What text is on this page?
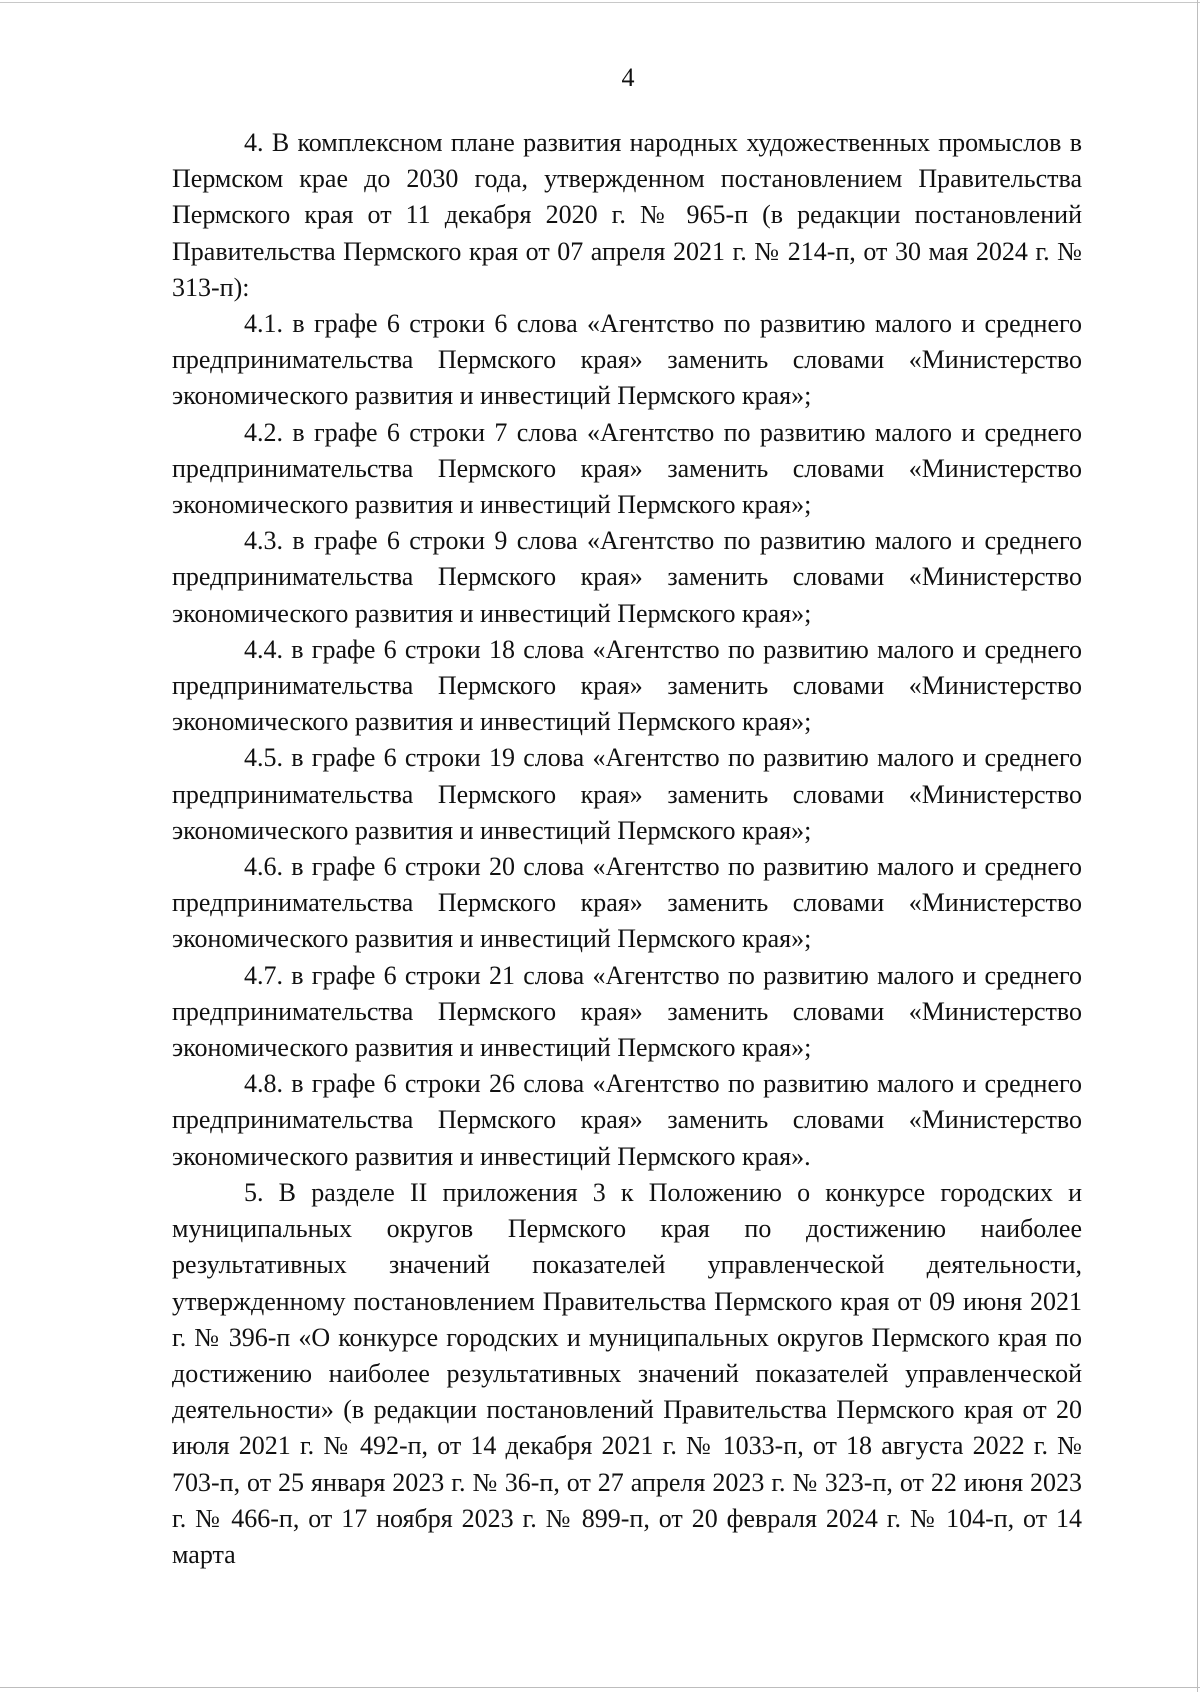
4

4. В комплексном плане развития народных художественных промыслов в Пермском крае до 2030 года, утвержденном постановлением Правительства Пермского края от 11 декабря 2020 г. № 965-п (в редакции постановлений Правительства Пермского края от 07 апреля 2021 г. № 214-п, от 30 мая 2024 г. № 313-п):

4.1. в графе 6 строки 6 слова «Агентство по развитию малого и среднего предпринимательства Пермского края» заменить словами «Министерство экономического развития и инвестиций Пермского края»;

4.2. в графе 6 строки 7 слова «Агентство по развитию малого и среднего предпринимательства Пермского края» заменить словами «Министерство экономического развития и инвестиций Пермского края»;

4.3. в графе 6 строки 9 слова «Агентство по развитию малого и среднего предпринимательства Пермского края» заменить словами «Министерство экономического развития и инвестиций Пермского края»;

4.4. в графе 6 строки 18 слова «Агентство по развитию малого и среднего предпринимательства Пермского края» заменить словами «Министерство экономического развития и инвестиций Пермского края»;

4.5. в графе 6 строки 19 слова «Агентство по развитию малого и среднего предпринимательства Пермского края» заменить словами «Министерство экономического развития и инвестиций Пермского края»;

4.6. в графе 6 строки 20 слова «Агентство по развитию малого и среднего предпринимательства Пермского края» заменить словами «Министерство экономического развития и инвестиций Пермского края»;

4.7. в графе 6 строки 21 слова «Агентство по развитию малого и среднего предпринимательства Пермского края» заменить словами «Министерство экономического развития и инвестиций Пермского края»;

4.8. в графе 6 строки 26 слова «Агентство по развитию малого и среднего предпринимательства Пермского края» заменить словами «Министерство экономического развития и инвестиций Пермского края».

5. В разделе II приложения 3 к Положению о конкурсе городских и муниципальных округов Пермского края по достижению наиболее результативных значений показателей управленческой деятельности, утвержденному постановлением Правительства Пермского края от 09 июня 2021 г. № 396-п «О конкурсе городских и муниципальных округов Пермского края по достижению наиболее результативных значений показателей управленческой деятельности» (в редакции постановлений Правительства Пермского края от 20 июля 2021 г. № 492-п, от 14 декабря 2021 г. № 1033-п, от 18 августа 2022 г. № 703-п, от 25 января 2023 г. № 36-п, от 27 апреля 2023 г. № 323-п, от 22 июня 2023 г. № 466-п, от 17 ноября 2023 г. № 899-п, от 20 февраля 2024 г. № 104-п, от 14 марта
